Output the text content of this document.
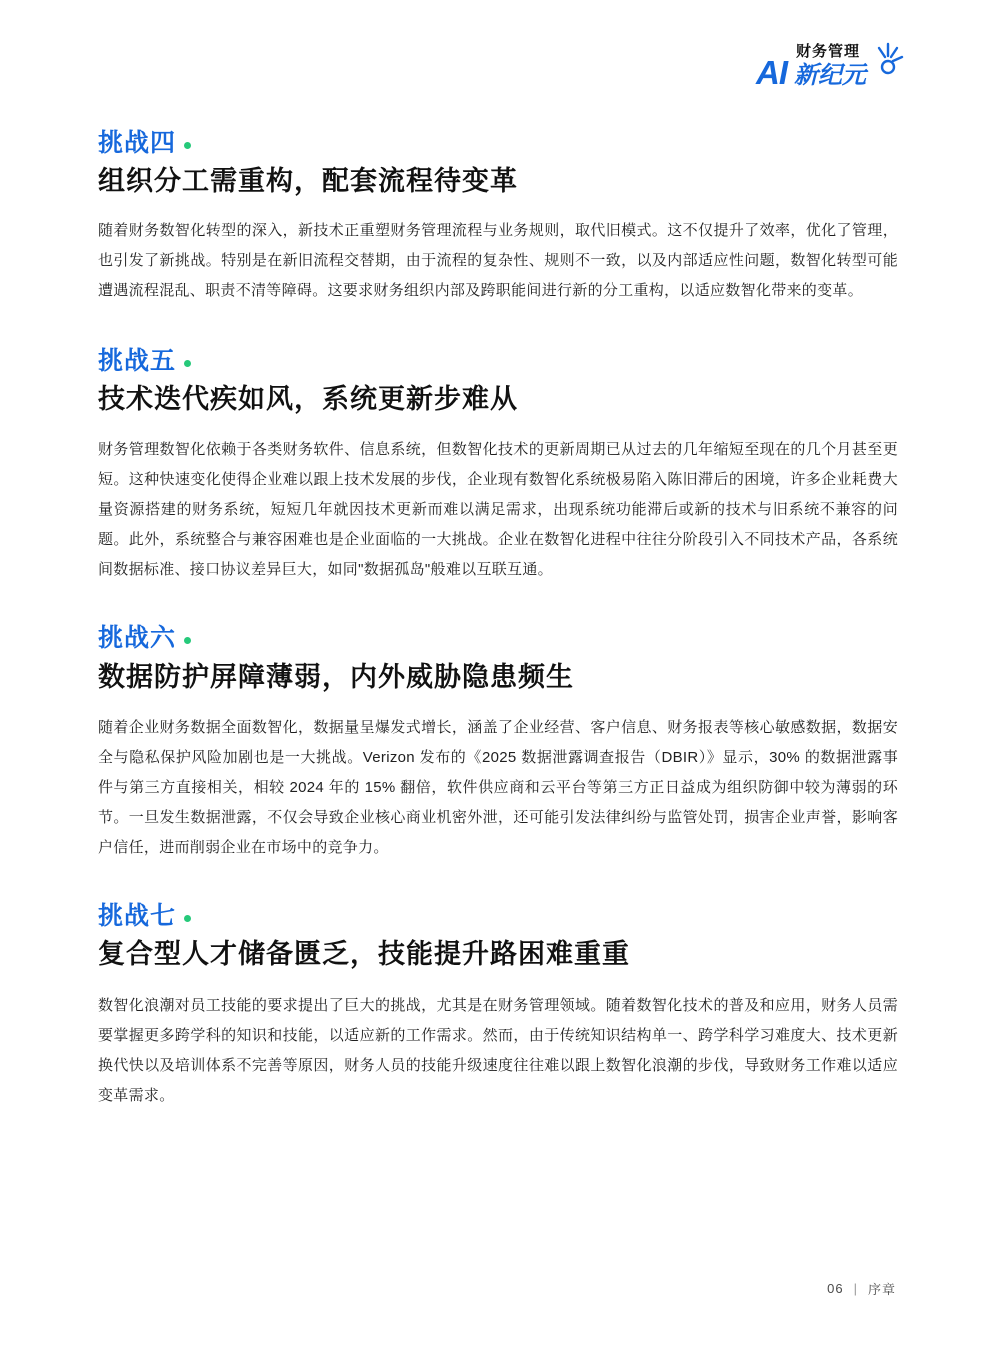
AI
财务管理
新纪元
挑战四
组织分工需重构，配套流程待变革

随着财务数智化转型的深入，新技术正重塑财务管理流程与业务规则，取代旧模式。这不仅提升了效率，优化了管理，也引发了新挑战。特别是在新旧流程交替期，由于流程的复杂性、规则不一致，以及内部适应性问题，数智化转型可能遭遇流程混乱、职责不清等障碍。这要求财务组织内部及跨职能间进行新的分工重构，以适应数智化带来的变革。

挑战五
技术迭代疾如风，系统更新步难从

财务管理数智化依赖于各类财务软件、信息系统，但数智化技术的更新周期已从过去的几年缩短至现在的几个月甚至更短。这种快速变化使得企业难以跟上技术发展的步伐，企业现有数智化系统极易陷入陈旧滞后的困境，许多企业耗费大量资源搭建的财务系统，短短几年就因技术更新而难以满足需求，出现系统功能滞后或新的技术与旧系统不兼容的问题。此外，系统整合与兼容困难也是企业面临的一大挑战。企业在数智化进程中往往分阶段引入不同技术产品，各系统间数据标准、接口协议差异巨大，如同"数据孤岛"般难以互联互通。

挑战六
数据防护屏障薄弱，内外威胁隐患频生

随着企业财务数据全面数智化，数据量呈爆发式增长，涵盖了企业经营、客户信息、财务报表等核心敏感数据，数据安全与隐私保护风险加剧也是一大挑战。Verizon 发布的《2025 数据泄露调查报告（DBIR）》显示，30% 的数据泄露事件与第三方直接相关，相较 2024 年的 15% 翻倍，软件供应商和云平台等第三方正日益成为组织防御中较为薄弱的环节。一旦发生数据泄露，不仅会导致企业核心商业机密外泄，还可能引发法律纠纷与监管处罚，损害企业声誉，影响客户信任，进而削弱企业在市场中的竞争力。

挑战七
复合型人才储备匮乏，技能提升路困难重重

数智化浪潮对员工技能的要求提出了巨大的挑战，尤其是在财务管理领域。随着数智化技术的普及和应用，财务人员需要掌握更多跨学科的知识和技能，以适应新的工作需求。然而，由于传统知识结构单一、跨学科学习难度大、技术更新换代快以及培训体系不完善等原因，财务人员的技能升级速度往往难以跟上数智化浪潮的步伐，导致财务工作难以适应变革需求。

06 | 序章
